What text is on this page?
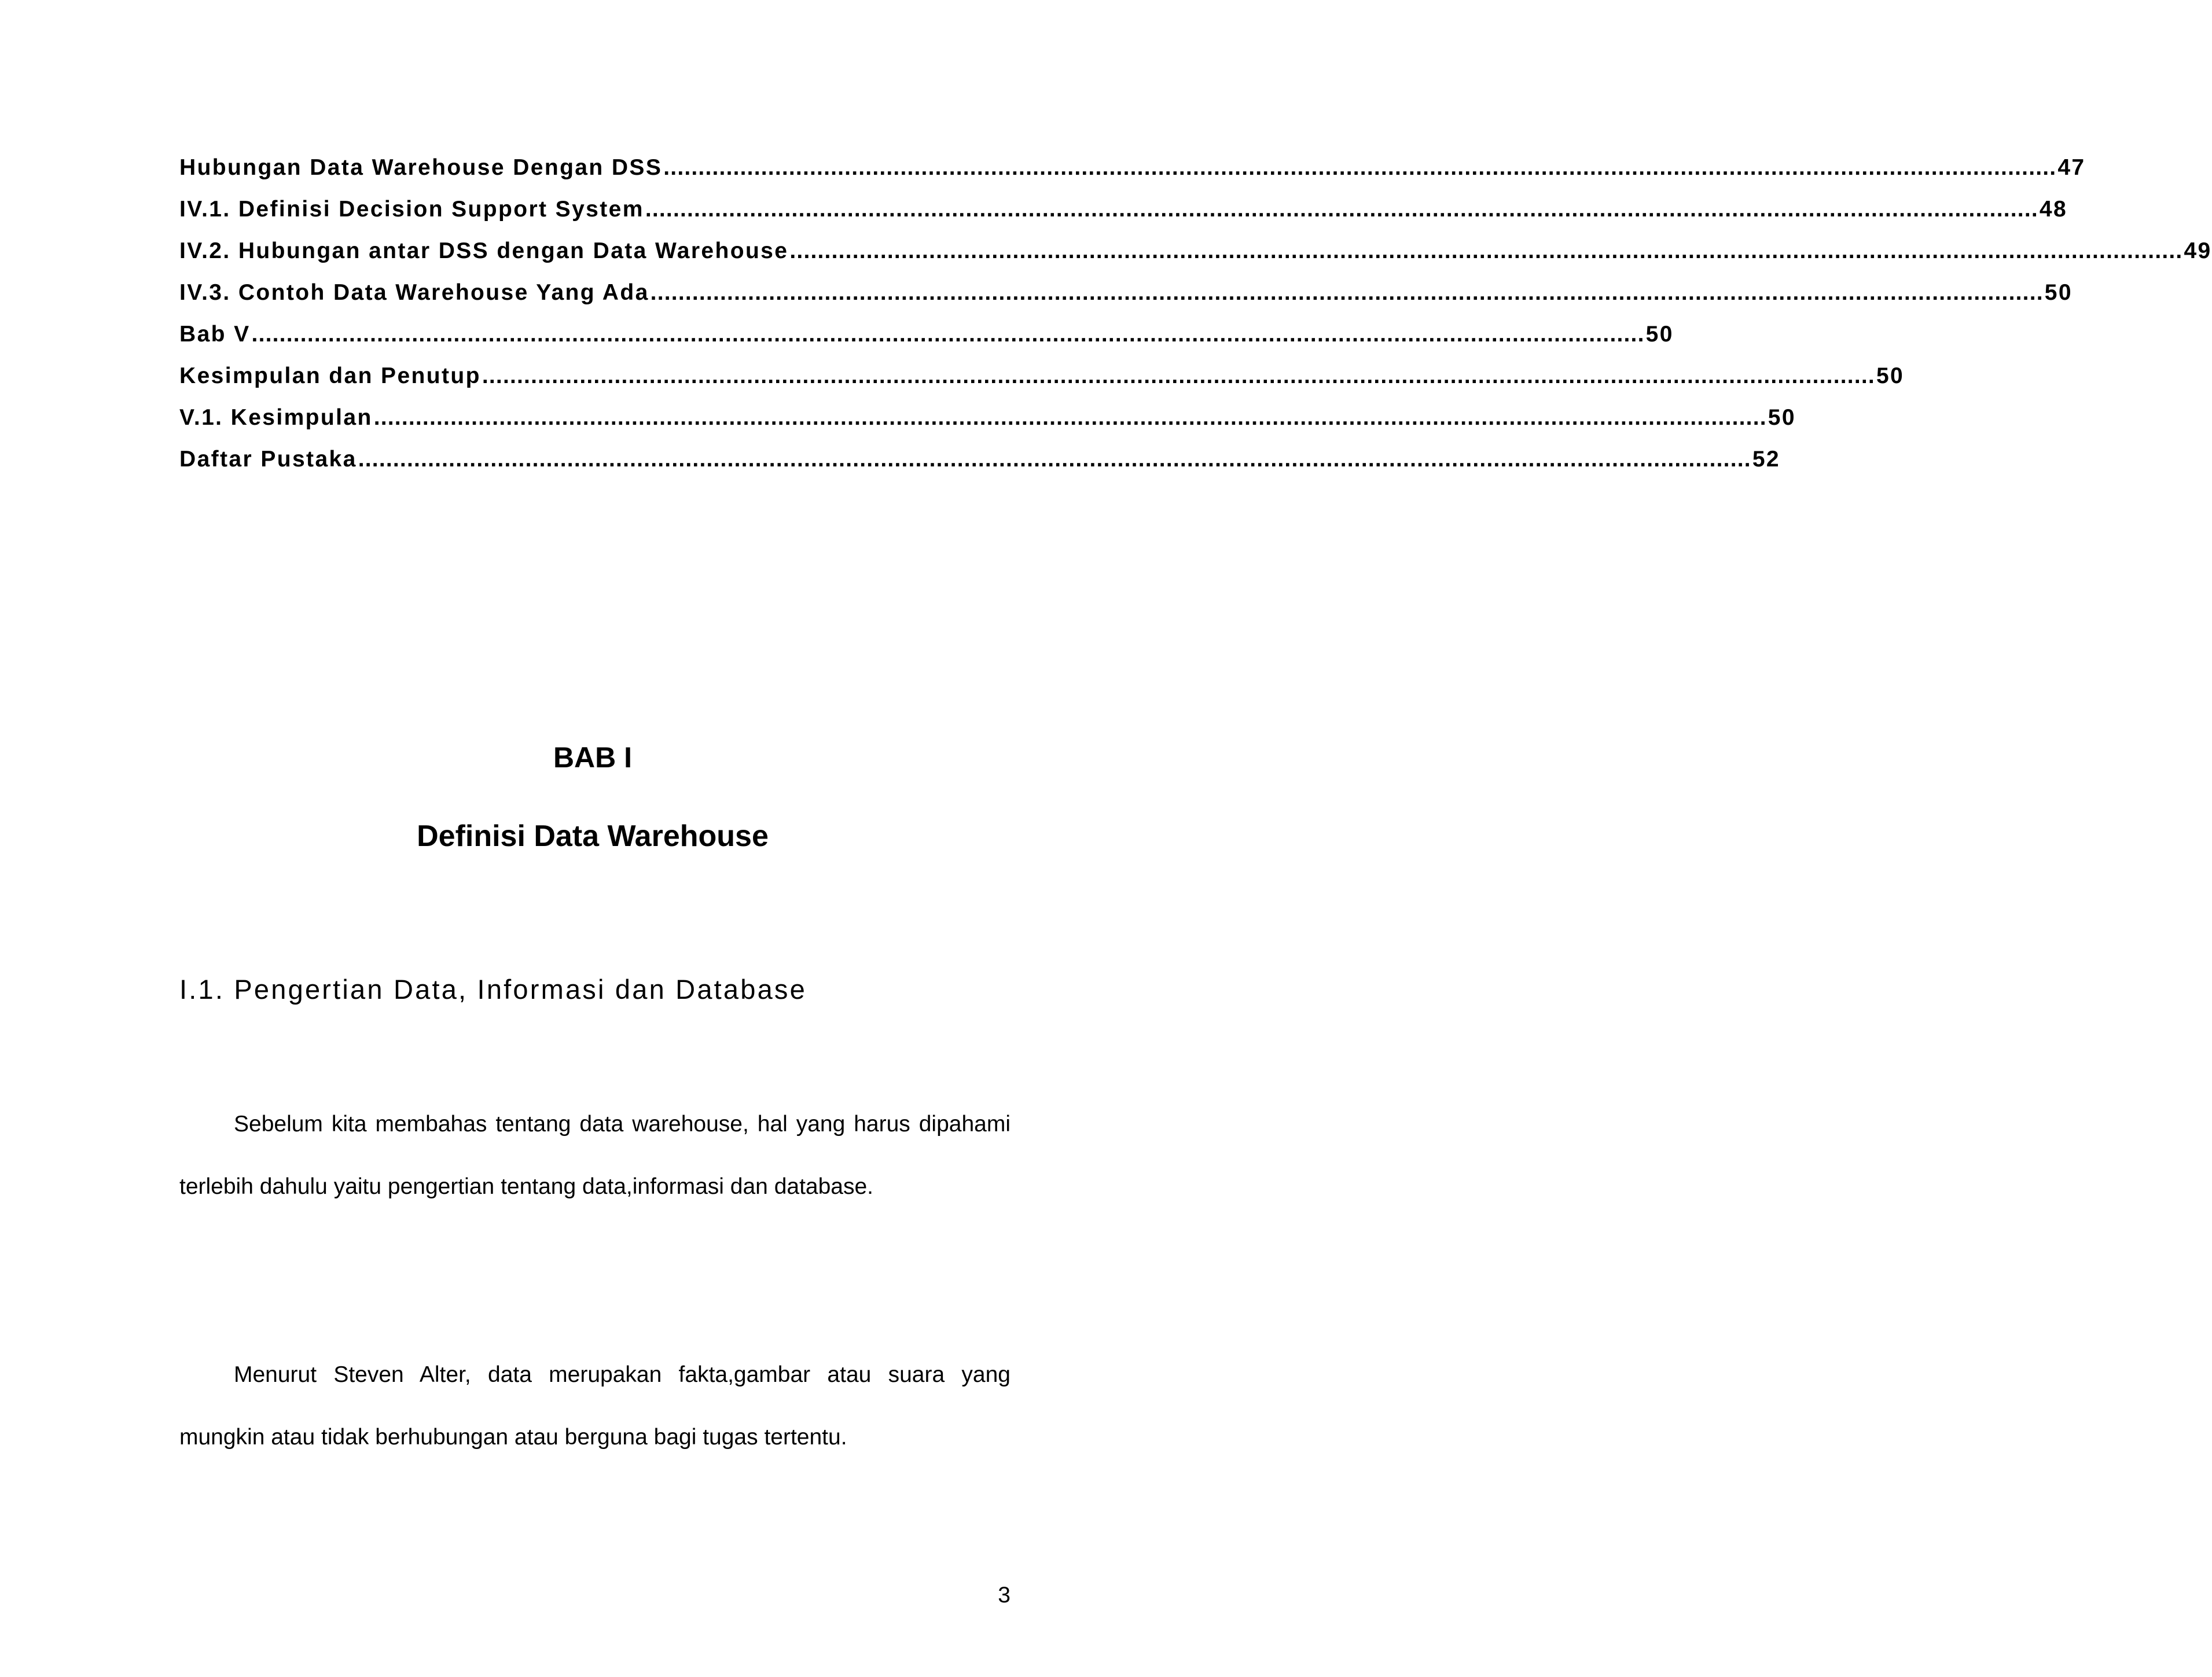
Hubungan Data Warehouse Dengan DSS ........................................................................................................................................................................................................ 47
IV.1. Definisi Decision Support System ........................................................................................................................................................................................................ 48
IV.2. Hubungan antar DSS dengan Data Warehouse ........................................................................................................................................................................................................ 49
IV.3. Contoh Data Warehouse Yang Ada ........................................................................................................................................................................................................ 50
Bab V ........................................................................................................................................................................................................ 50
Kesimpulan dan Penutup ........................................................................................................................................................................................................ 50
V.1. Kesimpulan ........................................................................................................................................................................................................ 50
Daftar Pustaka ........................................................................................................................................................................................................ 52
BAB I
Definisi Data Warehouse
I.1. Pengertian Data, Informasi dan Database

Sebelum kita membahas tentang data warehouse, hal yang harus dipahami terlebih dahulu yaitu pengertian tentang data,informasi dan database.

Menurut Steven Alter, data merupakan fakta,gambar atau suara yang mungkin atau tidak berhubungan atau berguna bagi tugas tertentu.

3
